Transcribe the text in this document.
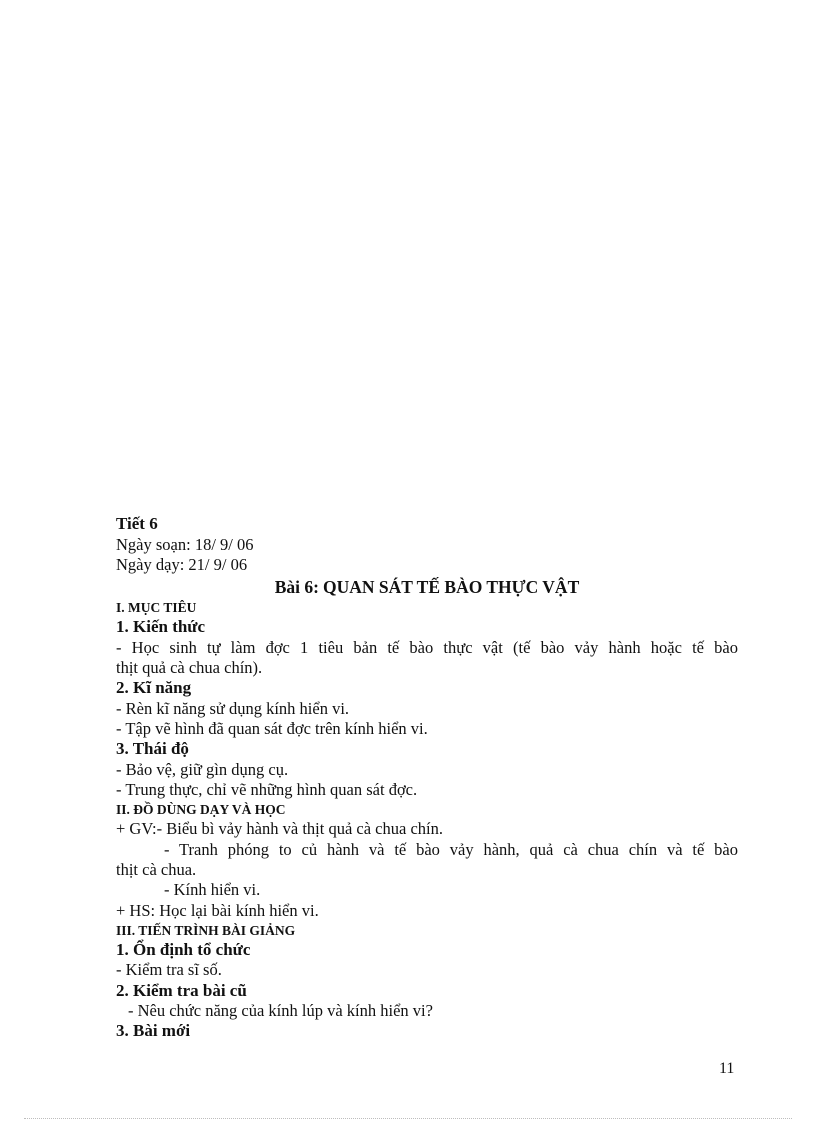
Tiết 6
Ngày soạn: 18/ 9/ 06
Ngày dạy: 21/ 9/ 06
Bài 6: QUAN SÁT TẾ BÀO THỰC VẬT
I. MỤC TIÊU
1. Kiến thức
- Học sinh tự làm đợc 1 tiêu bản tế bào thực vật (tế bào vảy hành hoặc tế bào
thịt quả cà chua chín).
2. Kĩ năng
- Rèn kĩ năng sử dụng kính hiển vi.
- Tập vẽ hình đã quan sát đợc trên kính hiển vi.
3. Thái độ
- Bảo vệ, giữ gìn dụng cụ.
- Trung thực, chỉ vẽ những hình quan sát đợc.
II. ĐỒ DÙNG DẠY VÀ HỌC
+ GV:- Biểu bì vảy hành và thịt quả cà chua chín.
- Tranh phóng to củ hành và tế bào vảy hành, quả cà chua chín và tế bào
thịt cà chua.
- Kính hiển vi.
+ HS: Học lại bài kính hiển vi.
III. TIẾN TRÌNH BÀI GIẢNG
1. Ổn định tổ chức
- Kiểm tra sĩ số.
2. Kiểm tra bài cũ
- Nêu chức năng của kính lúp và kính hiển vi?
3. Bài mới
11
